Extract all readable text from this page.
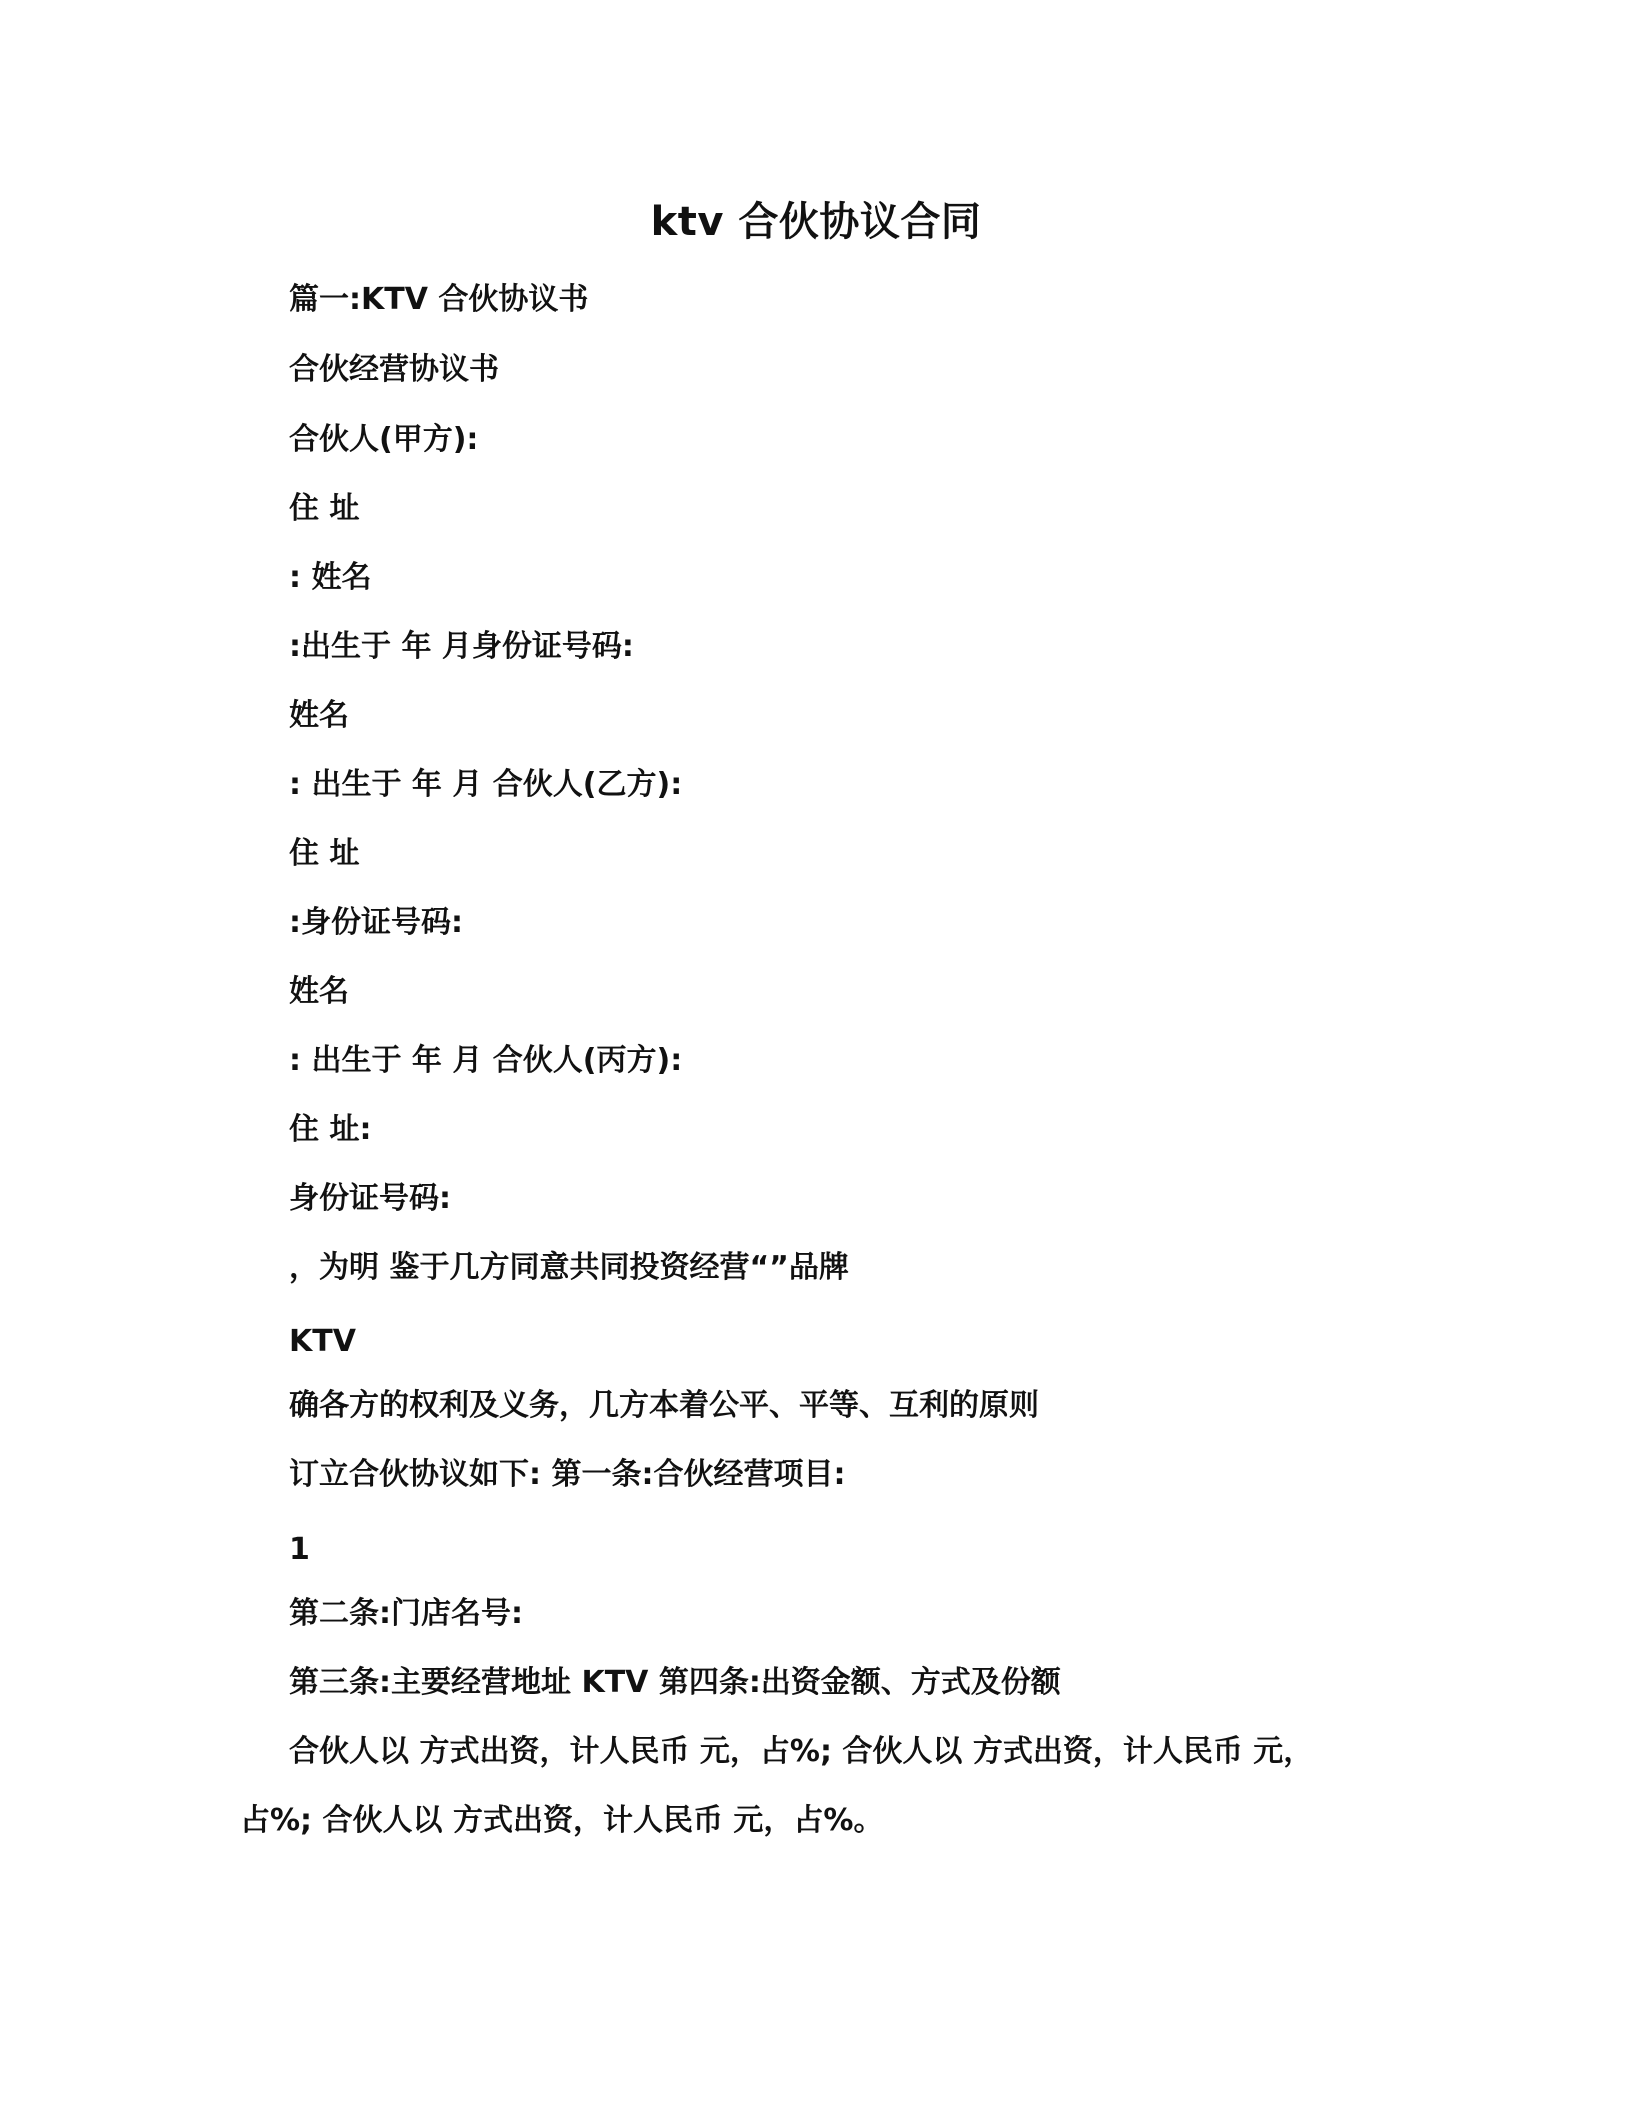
ktv 合伙协议合同
篇一:KTV 合伙协议书
合伙经营协议书
合伙人(甲方):
住 址
: 姓名
:出生于 年 月身份证号码:
姓名
: 出生于 年 月 合伙人(乙方):
住 址
:身份证号码:
姓名
: 出生于 年 月 合伙人(丙方):
住 址:
身份证号码:
，为明 鉴于几方同意共同投资经营“”品牌
KTV
确各方的权利及义务，几方本着公平、平等、互利的原则
订立合伙协议如下: 第一条:合伙经营项目:
1
第二条:门店名号:
第三条:主要经营地址 KTV 第四条:出资金额、方式及份额
合伙人以 方式出资，计人民币 元，占%; 合伙人以 方式出资，计人民币 元，
占%; 合伙人以 方式出资，计人民币 元，占%。
